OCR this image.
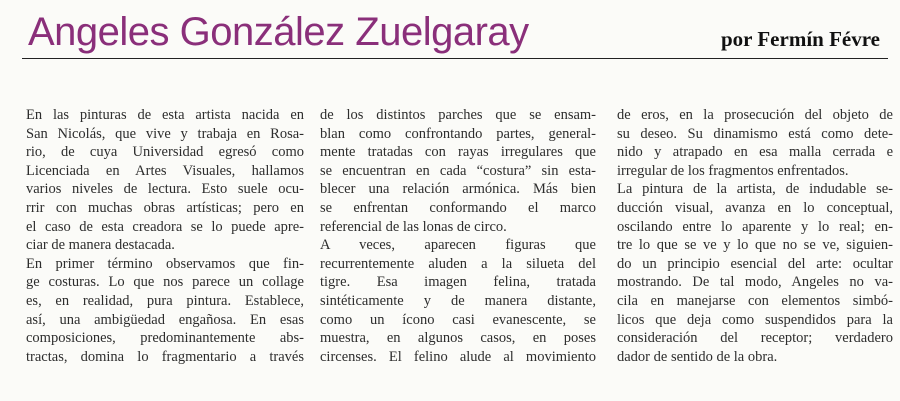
Angeles González Zuelgaray	por Fermín Févre

En las pinturas de esta artista nacida en
San Nicolás, que vive y trabaja en Rosa-
rio, de cuya Universidad egresó como
Licenciada en Artes Visuales, hallamos
varios niveles de lectura. Esto suele ocu-
rrir con muchas obras artísticas; pero en
el caso de esta creadora se lo puede apre-
ciar de manera destacada.

En primer término observamos que fin-
ge costuras. Lo que nos parece un collage
es, en realidad, pura pintura. Establece,
así, una ambigüedad engañosa. En esas
composiciones, predominantemente abs-
tractas, domina lo fragmentario a través

de los distintos parches que se ensam-
blan como confrontando partes, general-
mente tratadas con rayas irregulares que
se encuentran en cada “costura” sin esta-
blecer una relación armónica. Más bien
se enfrentan conformando el marco
referencial de las lonas de circo.

A veces, aparecen figuras que
recurrentemente aluden a la silueta del
tigre. Esa imagen felina, tratada
sintéticamente y de manera distante,
como un ícono casi evanescente, se
muestra, en algunos casos, en poses
circenses. El felino alude al movimiento

de eros, en la prosecución del objeto de
su deseo. Su dinamismo está como dete-
nido y atrapado en esa malla cerrada e
irregular de los fragmentos enfrentados.

La pintura de la artista, de indudable se-
ducción visual, avanza en lo conceptual,
oscilando entre lo aparente y lo real; en-
tre lo que se ve y lo que no se ve, siguien-
do un principio esencial del arte: ocultar
mostrando. De tal modo, Angeles no va-
cila en manejarse con elementos simbó-
licos que deja como suspendidos para la
consideración del receptor; verdadero
dador de sentido de la obra.
